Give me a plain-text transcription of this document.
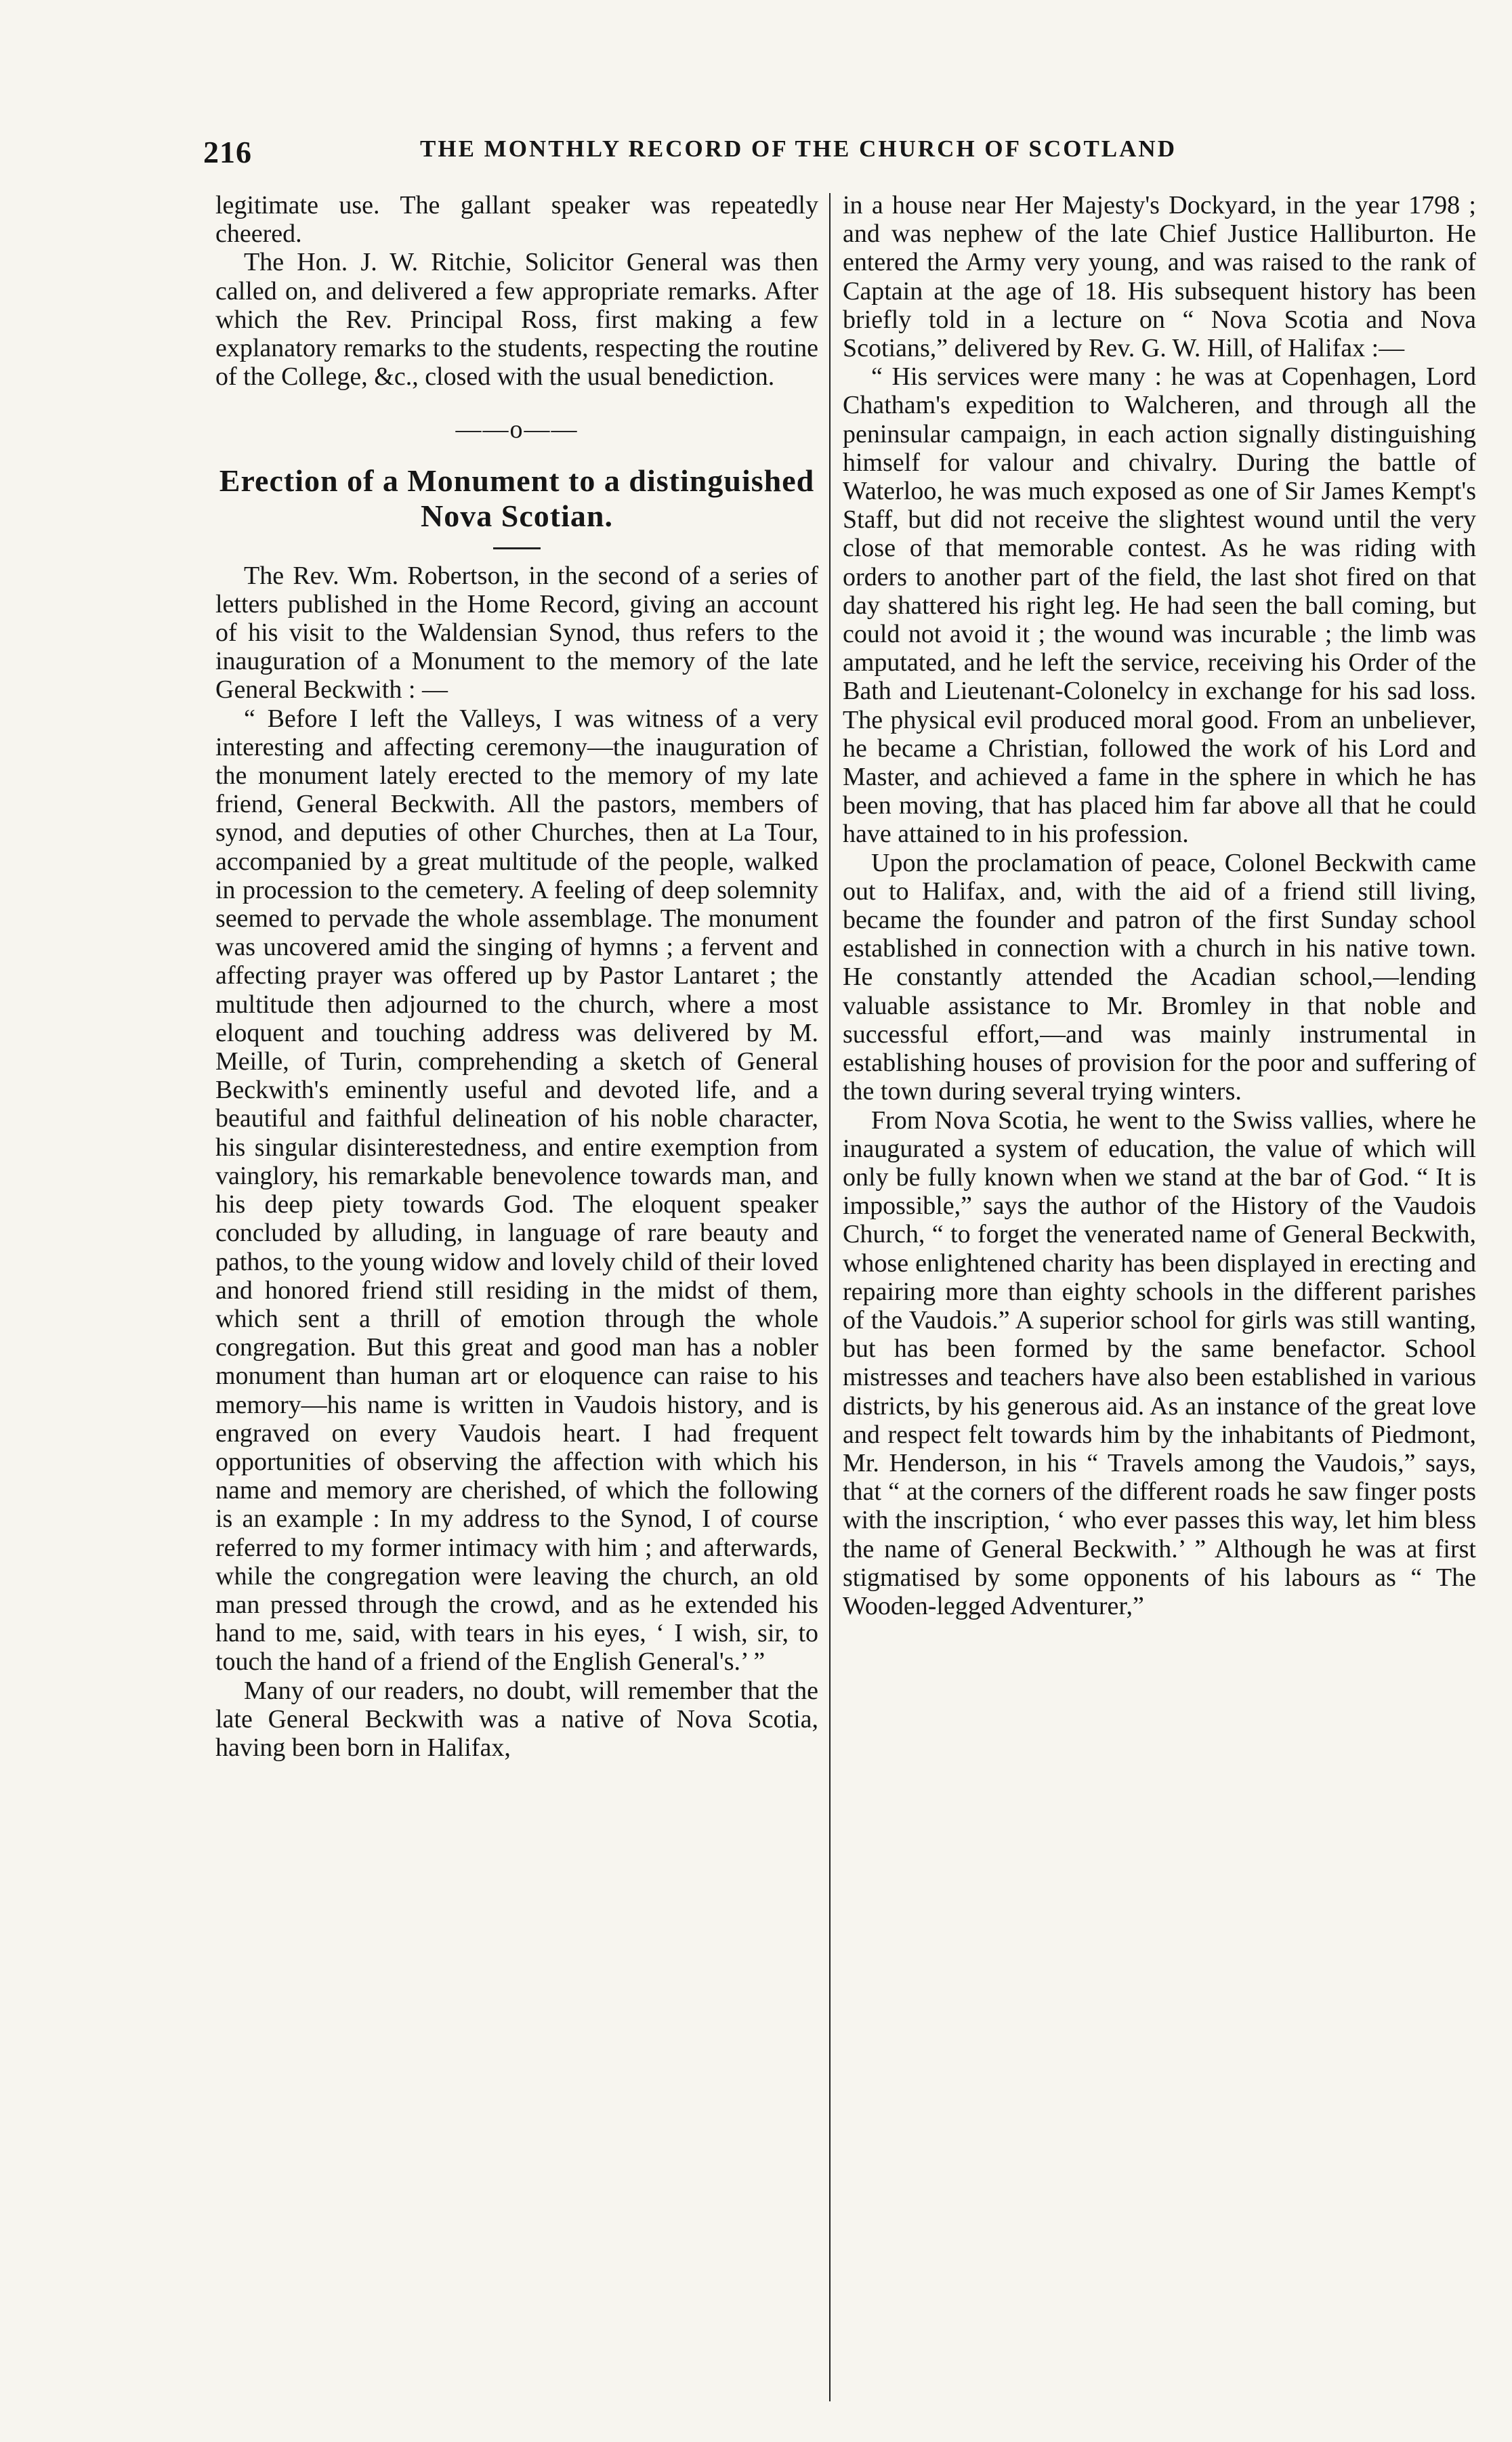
216	THE MONTHLY RECORD OF THE CHURCH OF SCOTLAND

legitimate use. The gallant speaker was repeatedly cheered.

The Hon. J. W. Ritchie, Solicitor General was then called on, and delivered a few appropriate remarks. After which the Rev. Principal Ross, first making a few explanatory remarks to the students, respecting the routine of the College, &c., closed with the usual benediction.

——o——
Erection of a Monument to a distinguished Nova Scotian.

The Rev. Wm. Robertson, in the second of a series of letters published in the Home Record, giving an account of his visit to the Waldensian Synod, thus refers to the inauguration of a Monument to the memory of the late General Beckwith : —

“ Before I left the Valleys, I was witness of a very interesting and affecting ceremony—the inauguration of the monument lately erected to the memory of my late friend, General Beckwith. All the pastors, members of synod, and deputies of other Churches, then at La Tour, accompanied by a great multitude of the people, walked in procession to the cemetery. A feeling of deep solemnity seemed to pervade the whole assemblage. The monument was uncovered amid the singing of hymns ; a fervent and affecting prayer was offered up by Pastor Lantaret ; the multitude then adjourned to the church, where a most eloquent and touching address was delivered by M. Meille, of Turin, comprehending a sketch of General Beckwith's eminently useful and devoted life, and a beautiful and faithful delineation of his noble character, his singular disinterestedness, and entire exemption from vainglory, his remarkable benevolence towards man, and his deep piety towards God. The eloquent speaker concluded by alluding, in language of rare beauty and pathos, to the young widow and lovely child of their loved and honored friend still residing in the midst of them, which sent a thrill of emotion through the whole congregation. But this great and good man has a nobler monument than human art or eloquence can raise to his memory—his name is written in Vaudois history, and is engraved on every Vaudois heart. I had frequent opportunities of observing the affection with which his name and memory are cherished, of which the following is an example : In my address to the Synod, I of course referred to my former intimacy with him ; and afterwards, while the congregation were leaving the church, an old man pressed through the crowd, and as he extended his hand to me, said, with tears in his eyes, ‘ I wish, sir, to touch the hand of a friend of the English General's.’ ”

Many of our readers, no doubt, will remember that the late General Beckwith was a native of Nova Scotia, having been born in Halifax,

in a house near Her Majesty's Dockyard, in the year 1798 ; and was nephew of the late Chief Justice Halliburton. He entered the Army very young, and was raised to the rank of Captain at the age of 18. His subsequent history has been briefly told in a lecture on “ Nova Scotia and Nova Scotians,” delivered by Rev. G. W. Hill, of Halifax :—

“ His services were many : he was at Copenhagen, Lord Chatham's expedition to Walcheren, and through all the peninsular campaign, in each action signally distinguishing himself for valour and chivalry. During the battle of Waterloo, he was much exposed as one of Sir James Kempt's Staff, but did not receive the slightest wound until the very close of that memorable contest. As he was riding with orders to another part of the field, the last shot fired on that day shattered his right leg. He had seen the ball coming, but could not avoid it ; the wound was incurable ; the limb was amputated, and he left the service, receiving his Order of the Bath and Lieutenant-Colonelcy in exchange for his sad loss. The physical evil produced moral good. From an unbeliever, he became a Christian, followed the work of his Lord and Master, and achieved a fame in the sphere in which he has been moving, that has placed him far above all that he could have attained to in his profession.

Upon the proclamation of peace, Colonel Beckwith came out to Halifax, and, with the aid of a friend still living, became the founder and patron of the first Sunday school established in connection with a church in his native town. He constantly attended the Acadian school,—lending valuable assistance to Mr. Bromley in that noble and successful effort,—and was mainly instrumental in establishing houses of provision for the poor and suffering of the town during several trying winters.

From Nova Scotia, he went to the Swiss vallies, where he inaugurated a system of education, the value of which will only be fully known when we stand at the bar of God. “ It is impossible,” says the author of the History of the Vaudois Church, “ to forget the venerated name of General Beckwith, whose enlightened charity has been displayed in erecting and repairing more than eighty schools in the different parishes of the Vaudois.” A superior school for girls was still wanting, but has been formed by the same benefactor. School mistresses and teachers have also been established in various districts, by his generous aid. As an instance of the great love and respect felt towards him by the inhabitants of Piedmont, Mr. Henderson, in his “ Travels among the Vaudois,” says, that “ at the corners of the different roads he saw finger posts with the inscription, ‘ who ever passes this way, let him bless the name of General Beckwith.’ ” Although he was at first stigmatised by some opponents of his labours as “ The Wooden-legged Adventurer,”
